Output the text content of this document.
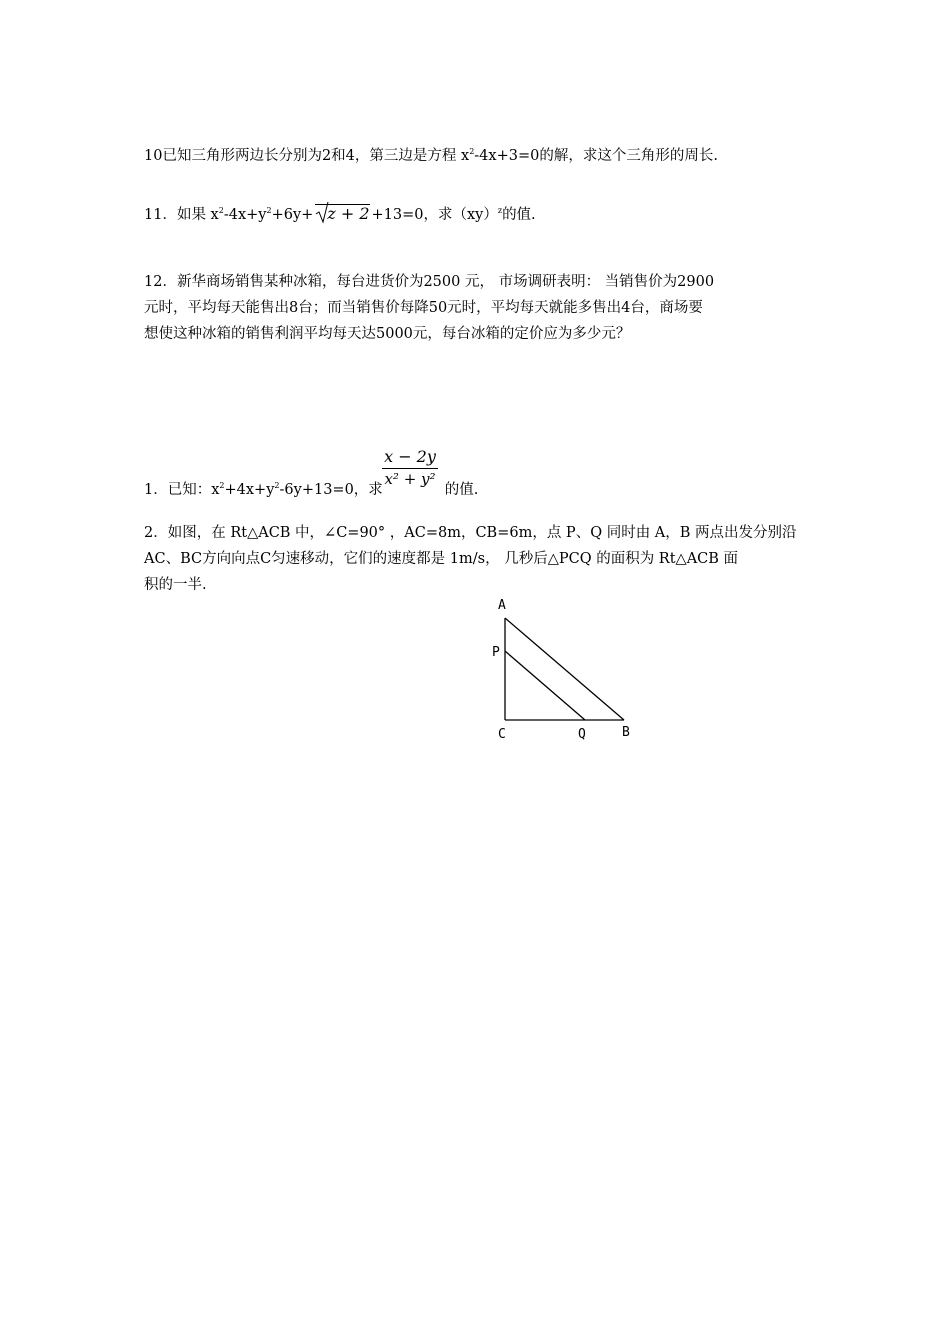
10已知三角形两边长分别为2和4，第三边是方程 $x^2-4x+3=0$的解，求这个三角形的周长.
11．如果 $x^2-4x+y^2+6y+ z + 2 +13=0$，求（xy）$^z$的值.
12．新华商场销售某种冰箱，每台进货价为2500 元， 市场调研表明： 当销售价为2900
元时，平均每天能售出8台；而当销售价每降50元时，平均每天就能多售出4台，商场要
想使这种冰箱的销售利润平均每天达5000元，每台冰箱的定价应为多少元？
1．已知：$x^2+4x+y^2-6y+13=0$，求	的值.
x − 2y
x² + y²
2．如图，在 Rt△ACB 中，∠C=90° ，AC=8m，CB=6m，点 P、Q 同时由 A，B 两点出发分别沿
AC、BC方向向点C匀速移动，它们的速度都是 1m/s， 几秒后△PCQ 的面积为 Rt△ACB 面
积的一半.
A
P
C	Q	B
